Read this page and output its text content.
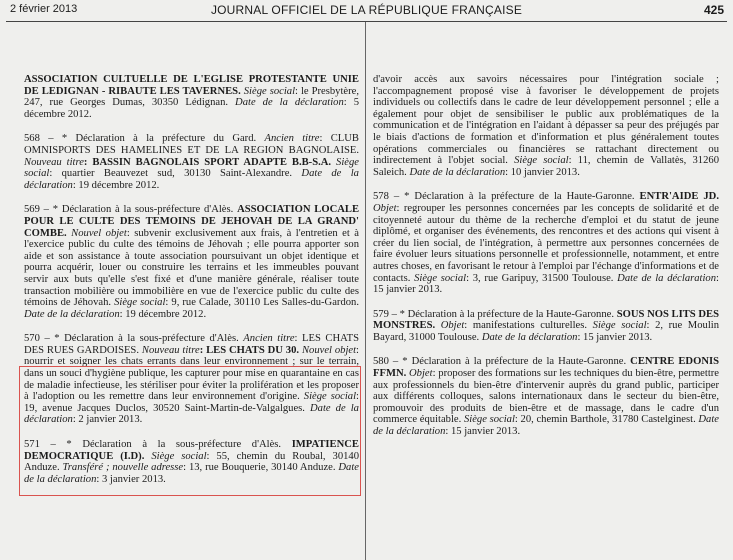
2 février 2013	JOURNAL OFFICIEL DE LA RÉPUBLIQUE FRANÇAISE	425
ASSOCIATION CULTUELLE DE L'EGLISE PROTESTANTE UNIE DE LEDIGNAN - RIBAUTE LES TAVERNES. Siège social: le Presbytère, 247, rue Georges Dumas, 30350 Lédignan. Date de la déclaration: 5 décembre 2012.
568 – * Déclaration à la préfecture du Gard. Ancien titre: CLUB OMNISPORTS DES HAMELINES ET DE LA REGION BAGNOLAISE. Nouveau titre: BASSIN BAGNOLAIS SPORT ADAPTE B.B-S.A. Siège social: quartier Beauvezet sud, 30130 Saint-Alexandre. Date de la déclaration: 19 décembre 2012.
569 – * Déclaration à la sous-préfecture d'Alès. ASSOCIATION LOCALE POUR LE CULTE DES TEMOINS DE JEHOVAH DE LA GRAND' COMBE. Nouvel objet: subvenir exclusivement aux frais, à l'entretien et à l'exercice public du culte des témoins de Jéhovah ; elle pourra apporter son aide et son assistance à toute association poursuivant un objet identique et pourra acquérir, louer ou construire les terrains et les immeubles pouvant servir aux buts qu'elle s'est fixé et d'une manière générale, réaliser toute transaction mobilière ou immobilière en vue de l'exercice public du culte des témoins de Jéhovah. Siège social: 9, rue Calade, 30110 Les Salles-du-Gardon. Date de la déclaration: 19 décembre 2012.
570 – * Déclaration à la sous-préfecture d'Alès. Ancien titre: LES CHATS DES RUES GARDOISES. Nouveau titre: LES CHATS DU 30. Nouvel objet: nourrir et soigner les chats errants dans leur environnement ; sur le terrain, dans un souci d'hygiène publique, les capturer pour mise en quarantaine en cas de maladie infectieuse, les stériliser pour éviter la prolifération et les proposer à l'adoption ou les remettre dans leur environnement d'origine. Siège social: 19, avenue Jacques Duclos, 30520 Saint-Martin-de-Valgalgues. Date de la déclaration: 2 janvier 2013.
571 – * Déclaration à la sous-préfecture d'Alès. IMPATIENCE DEMOCRATIQUE (I.D). Siège social: 55, chemin du Roubal, 30140 Anduze. Transféré ; nouvelle adresse: 13, rue Bouquerie, 30140 Anduze. Date de la déclaration: 3 janvier 2013.
d'avoir accès aux savoirs nécessaires pour l'intégration sociale ; l'accompagnement proposé vise à favoriser le développement de projets individuels ou collectifs dans le cadre de leur développement personnel ; elle a également pour objet de sensibiliser le public aux problématiques de la communication et de l'intégration en l'aidant à dépasser sa peur des préjugés par le biais d'actions de formation et d'information et plus généralement toutes opérations commerciales ou financières se rattachant directement ou indirectement à l'objet social. Siège social: 11, chemin de Vallatès, 31260 Saleich. Date de la déclaration: 10 janvier 2013.
578 – * Déclaration à la préfecture de la Haute-Garonne. ENTR'AIDE JD. Objet: regrouper les personnes concernées par les concepts de solidarité et de citoyenneté autour du thème de la recherche d'emploi et du statut de jeune diplômé, et organiser des événements, des rencontres et des actions qui visent à créer du lien social, de l'intégration, à permettre aux personnes concernées de faire évoluer leurs situations personnelle et professionnelle, notamment, et entre autres choses, en favorisant le retour à l'emploi par l'échange d'informations et de contacts. Siège social: 3, rue Garipuy, 31500 Toulouse. Date de la déclaration: 15 janvier 2013.
579 – * Déclaration à la préfecture de la Haute-Garonne. SOUS NOS LITS DES MONSTRES. Objet: manifestations culturelles. Siège social: 2, rue Moulin Bayard, 31000 Toulouse. Date de la déclaration: 15 janvier 2013.
580 – * Déclaration à la préfecture de la Haute-Garonne. CENTRE EDONIS FFMN. Objet: proposer des formations sur les techniques du bien-être, permettre aux professionnels du bien-être d'intervenir auprès du grand public, participer aux différents colloques, salons internationaux dans le secteur du bien-être, promouvoir des produits de bien-être et de massage, dans le cadre d'un commerce équitable. Siège social: 20, chemin Barthole, 31780 Castelginest. Date de la déclaration: 15 janvier 2013.
